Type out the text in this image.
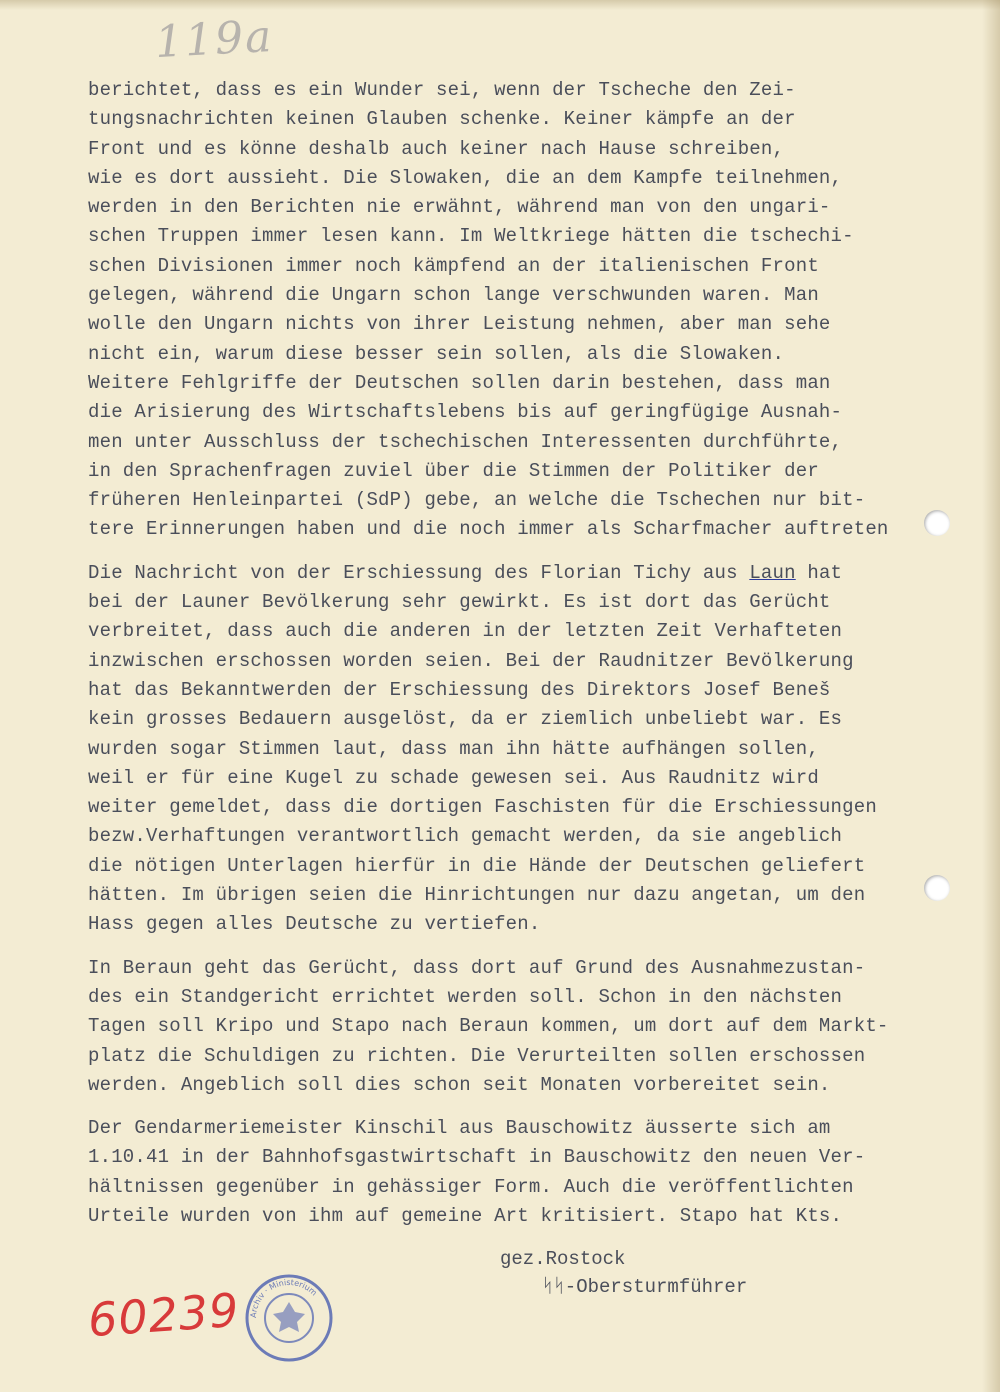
119a
berichtet, dass es ein Wunder sei, wenn der Tscheche den Zei-
tungsnachrichten keinen Glauben schenke. Keiner kämpfe an der
Front und es könne deshalb auch keiner nach Hause schreiben,
wie es dort aussieht. Die Slowaken, die an dem Kampfe teilnehmen,
werden in den Berichten nie erwähnt, während man von den ungari-
schen Truppen immer lesen kann. Im Weltkriege hätten die tschechi-
schen Divisionen immer noch kämpfend an der italienischen Front
gelegen, während die Ungarn schon lange verschwunden waren. Man
wolle den Ungarn nichts von ihrer Leistung nehmen, aber man sehe
nicht ein, warum diese besser sein sollen, als die Slowaken.
Weitere Fehlgriffe der Deutschen sollen darin bestehen, dass man
die Arisierung des Wirtschaftslebens bis auf geringfügige Ausnah-
men unter Ausschluss der tschechischen Interessenten durchführte,
in den Sprachenfragen zuviel über die Stimmen der Politiker der
früheren Henleinpartei (SdP) gebe, an welche die Tschechen nur bit-
tere Erinnerungen haben und die noch immer als Scharfmacher auftreten
Die Nachricht von der Erschiessung des Florian Tichy aus Laun hat
bei der Launer Bevölkerung sehr gewirkt. Es ist dort das Gerücht
verbreitet, dass auch die anderen in der letzten Zeit Verhafteten
inzwischen erschossen worden seien. Bei der Raudnitzer Bevölkerung
hat das Bekanntwerden der Erschiessung des Direktors Josef Beneš
kein grosses Bedauern ausgelöst, da er ziemlich unbeliebt war. Es
wurden sogar Stimmen laut, dass man ihn hätte aufhängen sollen,
weil er für eine Kugel zu schade gewesen sei. Aus Raudnitz wird
weiter gemeldet, dass die dortigen Faschisten für die Erschiessungen
bezw.Verhaftungen verantwortlich gemacht werden, da sie angeblich
die nötigen Unterlagen hierfür in die Hände der Deutschen geliefert
hätten. Im übrigen seien die Hinrichtungen nur dazu angetan, um den
Hass gegen alles Deutsche zu vertiefen.
In Beraun geht das Gerücht, dass dort auf Grund des Ausnahmezustan-
des ein Standgericht errichtet werden soll. Schon in den nächsten
Tagen soll Kripo und Stapo nach Beraun kommen, um dort auf dem Markt-
platz die Schuldigen zu richten. Die Verurteilten sollen erschossen
werden. Angeblich soll dies schon seit Monaten vorbereitet sein.
Der Gendarmeriemeister Kinschil aus Bauschowitz äusserte sich am
1.10.41 in der Bahnhofsgastwirtschaft in Bauschowitz den neuen Ver-
hältnissen gegenüber in gehässiger Form. Auch die veröffentlichten
Urteile wurden von ihm auf gemeine Art kritisiert. Stapo hat Kts.
gez.Rostock
ᛋᛋ-Obersturmführer
60239 Archiv · Ministerium
